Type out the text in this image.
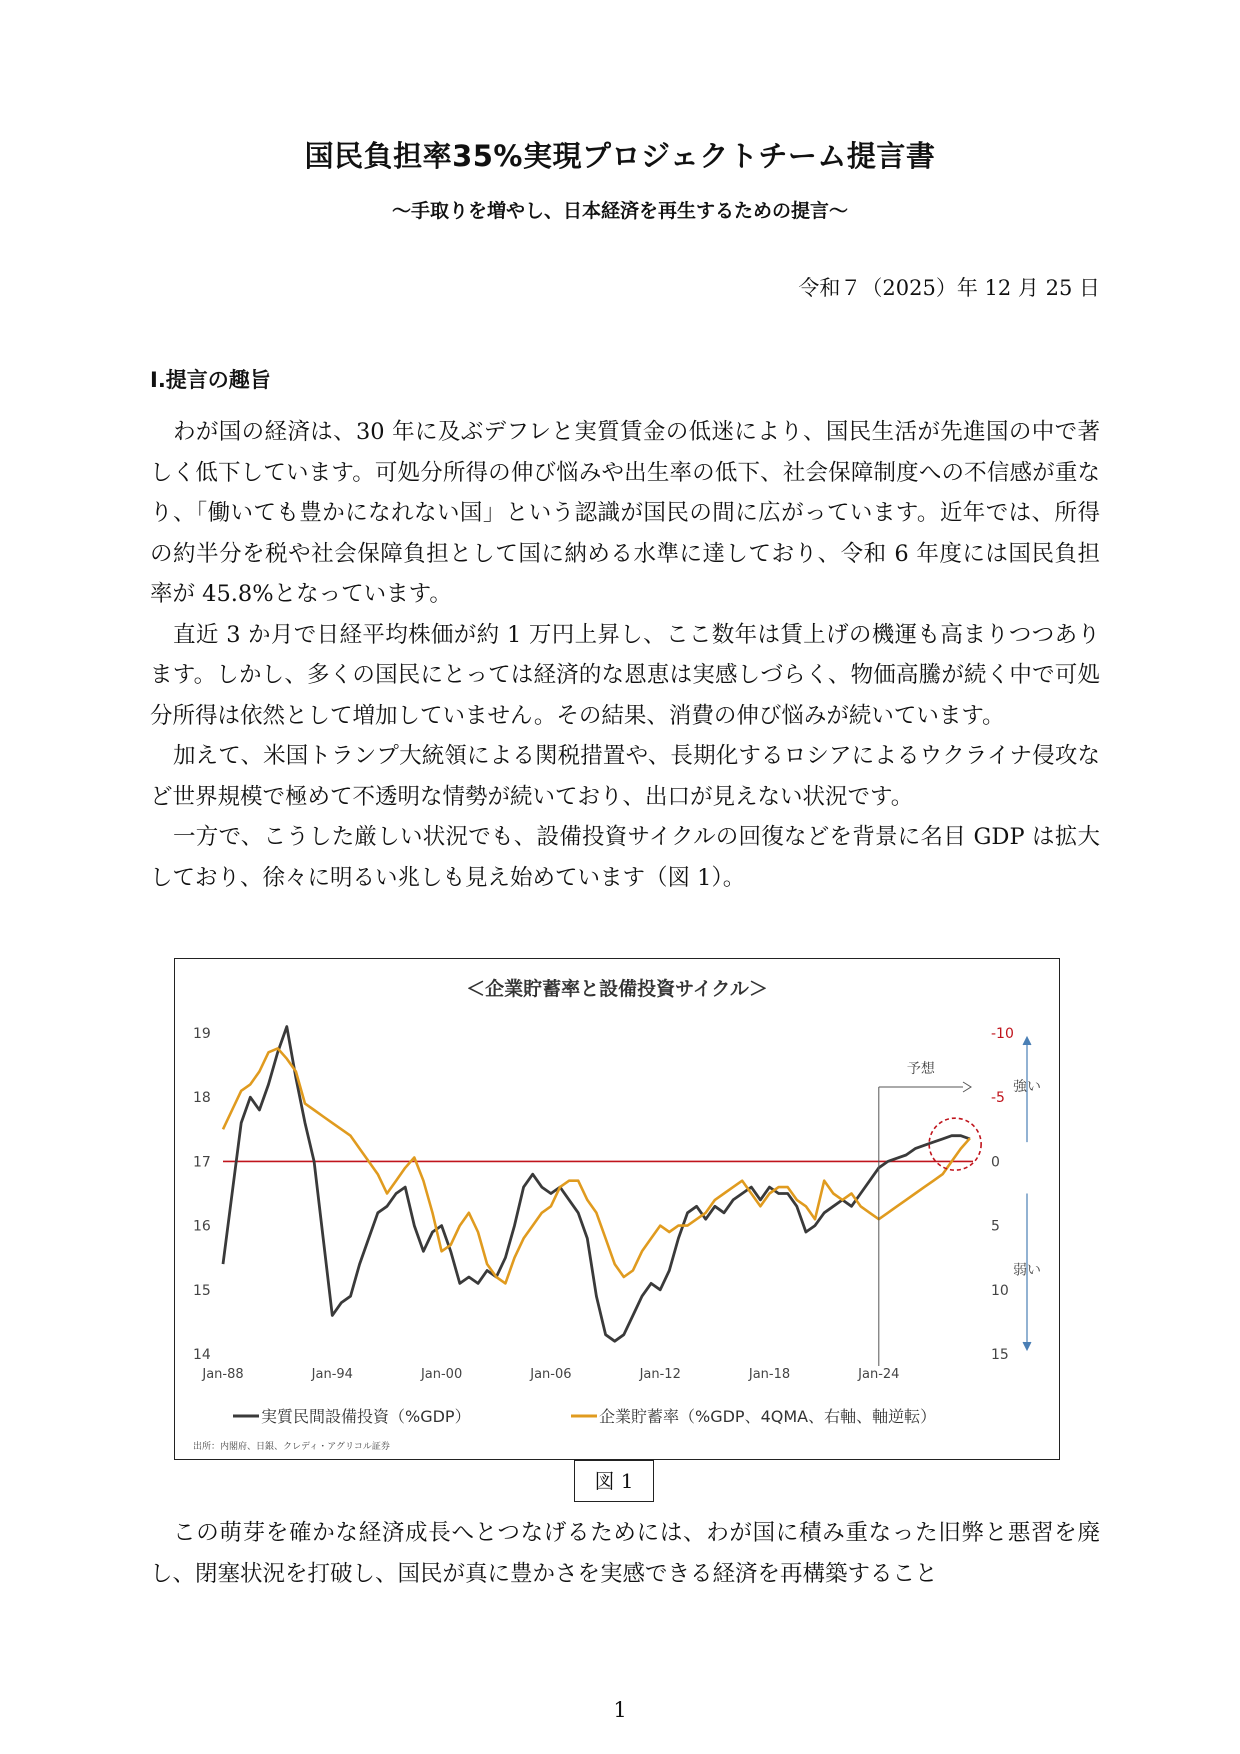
国民負担率35%実現プロジェクトチーム提言書
〜手取りを増やし、日本経済を再生するための提言〜
令和７（2025）年 12 月 25 日
Ⅰ.提言の趣旨

わが国の経済は、30 年に及ぶデフレと実質賃金の低迷により、国民生活が先進国の中で著しく低下しています。可処分所得の伸び悩みや出生率の低下、社会保障制度への不信感が重なり、「働いても豊かになれない国」という認識が国民の間に広がっています。近年では、所得の約半分を税や社会保障負担として国に納める水準に達しており、令和 6 年度には国民負担率が 45.8%となっています。

直近 3 か月で日経平均株価が約 1 万円上昇し、ここ数年は賃上げの機運も高まりつつあります。しかし、多くの国民にとっては経済的な恩恵は実感しづらく、物価高騰が続く中で可処分所得は依然として増加していません。その結果、消費の伸び悩みが続いています。

加えて、米国トランプ大統領による関税措置や、長期化するロシアによるウクライナ侵攻など世界規模で極めて不透明な情勢が続いており、出口が見えない状況です。

一方で、こうした厳しい状況でも、設備投資サイクルの回復などを背景に名目 GDP は拡大しており、徐々に明るい兆しも見え始めています（図 1）。

＜企業貯蓄率と設備投資サイクル＞
19
18
17
16
15
14
-10
-5
0
5
10
15
Jan-88	Jan-94	Jan-00	Jan-06	Jan-12	Jan-18	Jan-24
予想
強い
弱い
実質民間設備投資（%GDP）	企業貯蓄率（%GDP、4QMA、右軸、軸逆転）
出所：内閣府、日銀、クレディ・アグリコル証券
図 1

この萌芽を確かな経済成長へとつなげるためには、わが国に積み重なった旧弊と悪習を廃し、閉塞状況を打破し、国民が真に豊かさを実感できる経済を再構築すること

1
